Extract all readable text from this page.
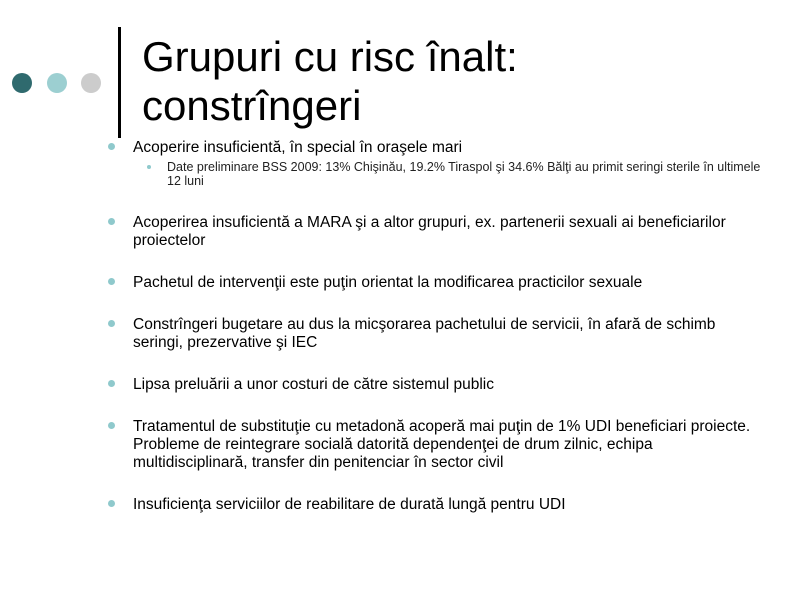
Grupuri cu risc înalt:
constrîngeri
Acoperire insuficientă, în special în oraşele mari
Date preliminare BSS 2009: 13% Chişinău, 19.2% Tiraspol şi 34.6% Bălţi au primit seringi sterile în ultimele 12 luni
Acoperirea insuficientă a MARA şi a altor grupuri, ex. partenerii sexuali ai beneficiarilor proiectelor
Pachetul de intervenţii este puţin orientat la modificarea practicilor sexuale
Constrîngeri bugetare au dus la micşorarea pachetului de servicii, în afară de schimb seringi, prezervative şi IEC
Lipsa preluării a unor costuri de către sistemul public
Tratamentul de substituţie cu metadonă acoperă mai puţin de 1% UDI beneficiari proiecte. Probleme de reintegrare socială datorită dependenţei de drum zilnic, echipa multidisciplinară, transfer din penitenciar în sector civil
Insuficienţa serviciilor de reabilitare de durată lungă pentru UDI
